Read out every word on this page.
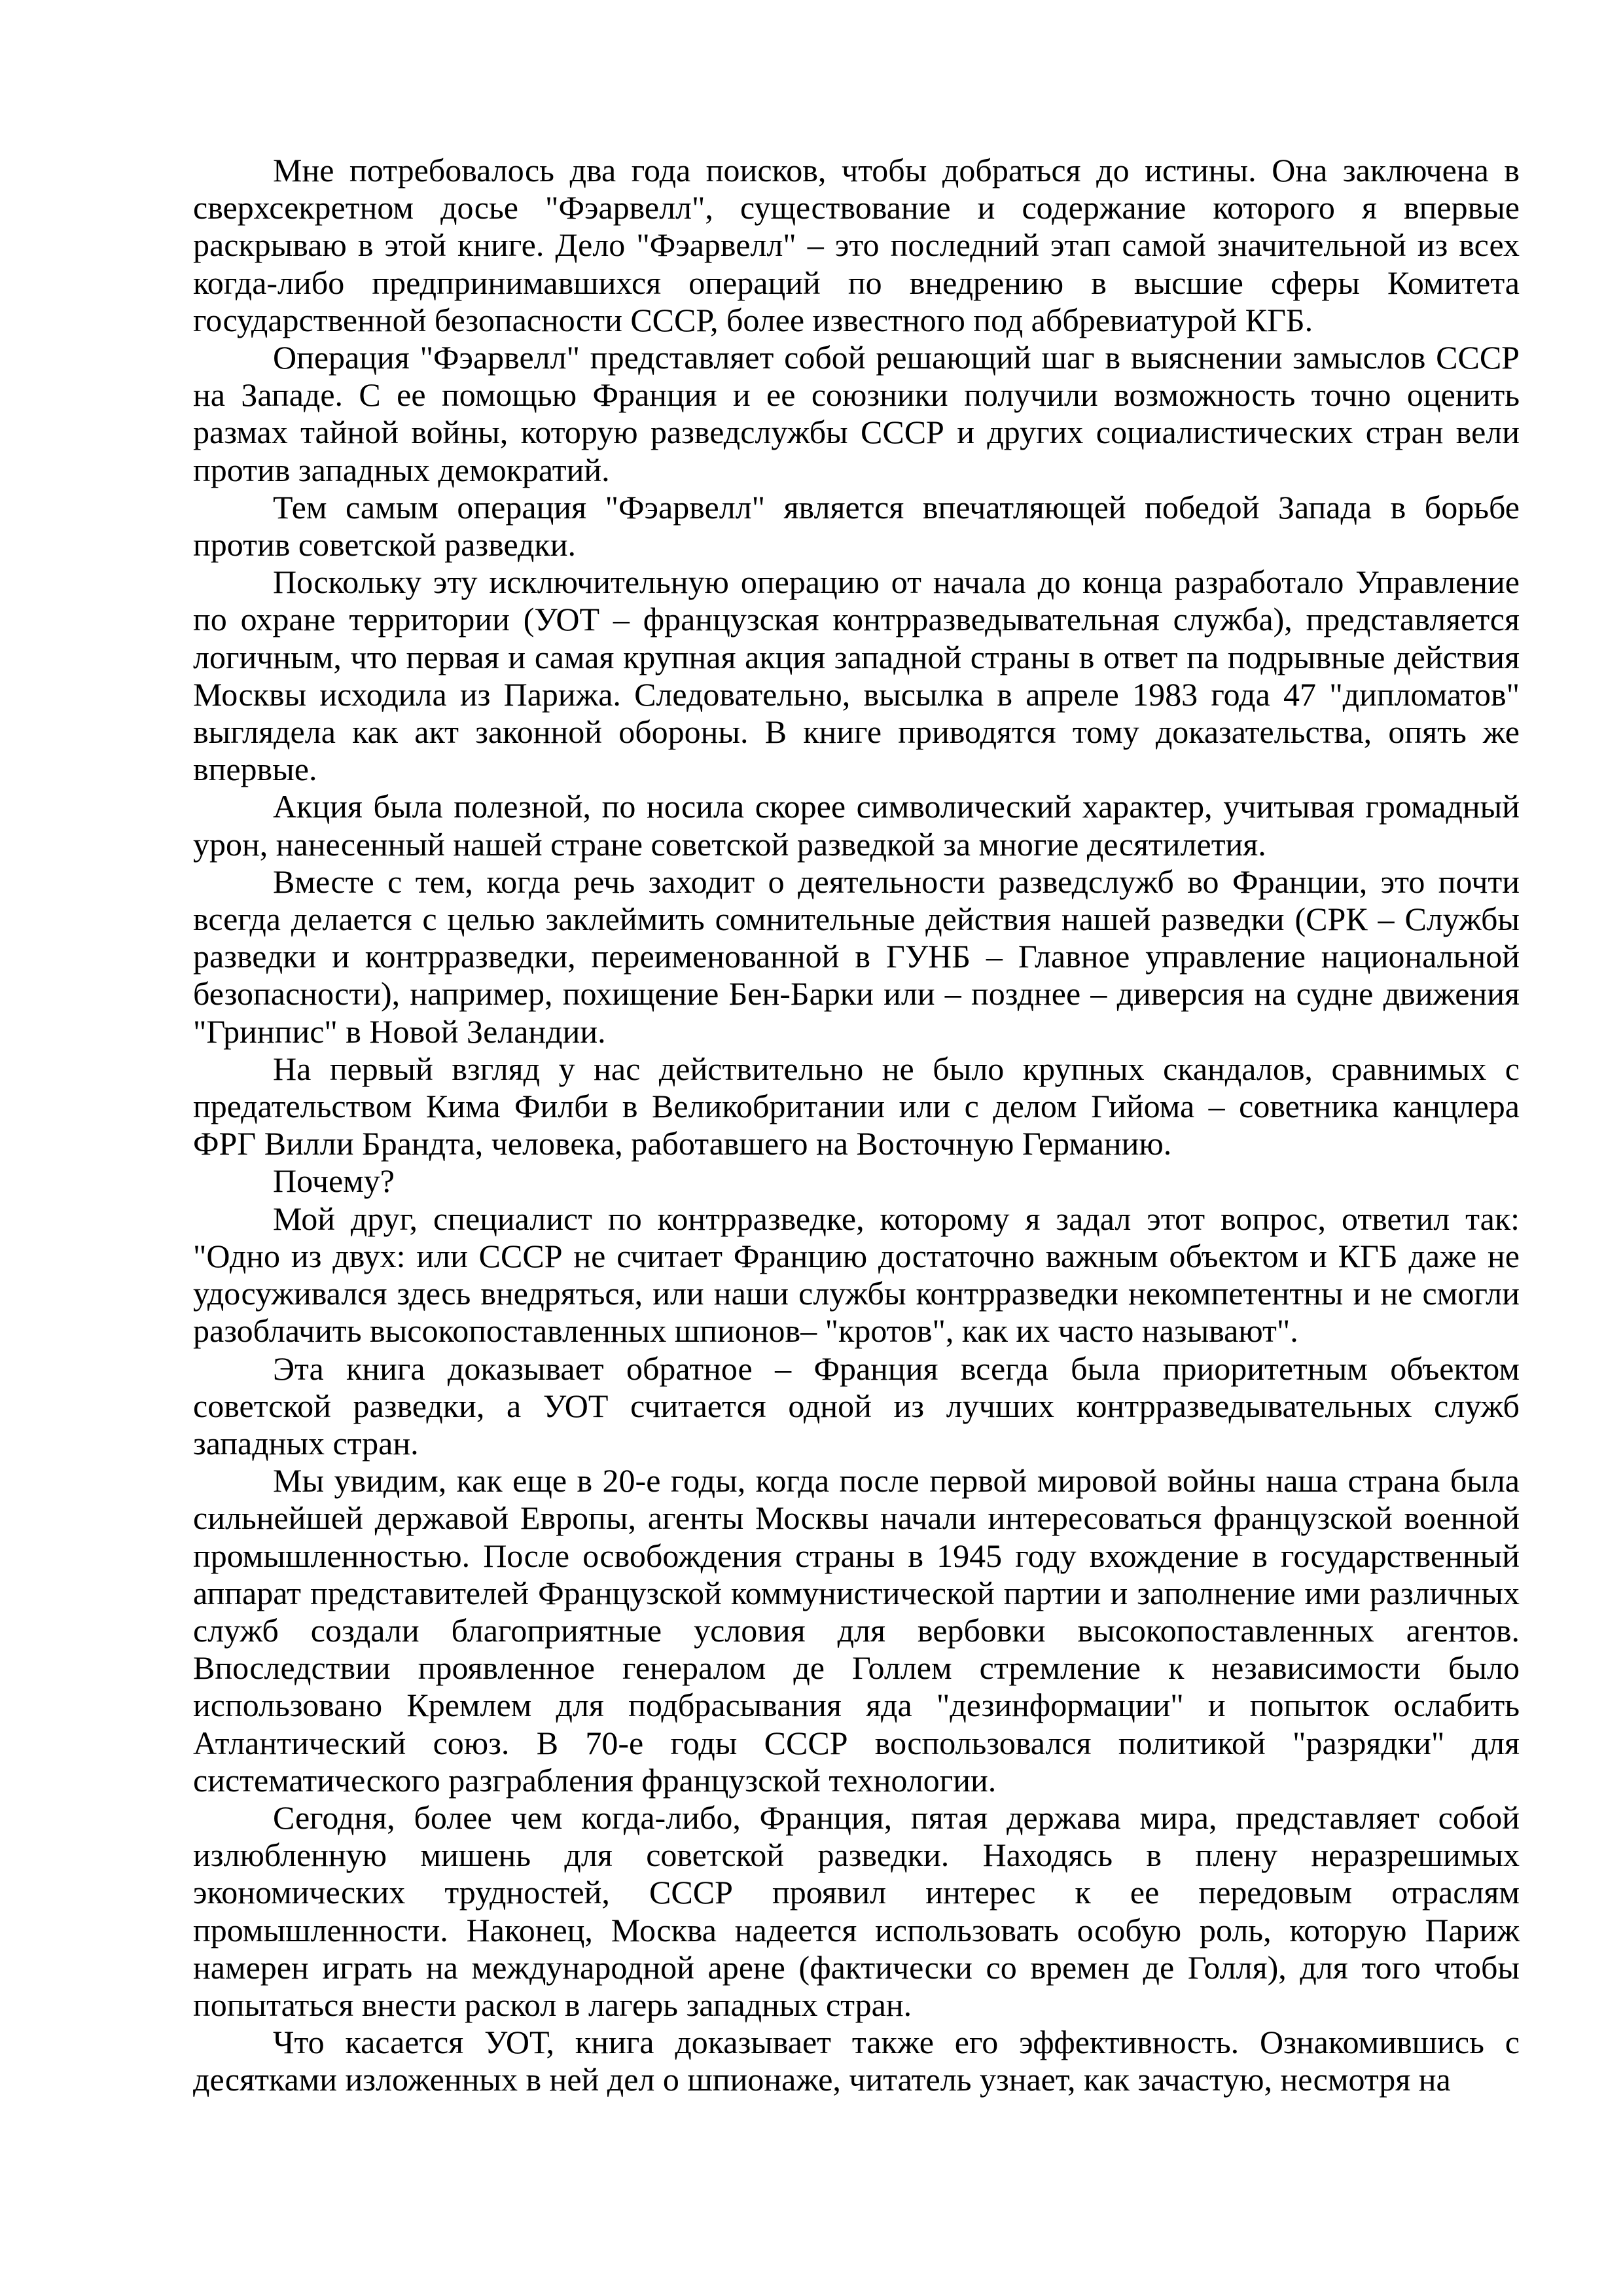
Мне потребовалось два года поисков, чтобы добраться до истины. Она заключена в сверхсекретном досье "Фэарвелл", существование и содержание которого я впервые раскрываю в этой книге. Дело "Фэарвелл" – это последний этап самой значительной из всех когда-либо предпринимавшихся операций по внедрению в высшие сферы Комитета государственной безопасности СССР, более известного под аббревиатурой КГБ.

Операция "Фэарвелл" представляет собой решающий шаг в выяснении замыслов СССР на Западе. С ее помощью Франция и ее союзники получили возможность точно оценить размах тайной войны, которую разведслужбы СССР и других социалистических стран вели против западных демократий.

Тем самым операция "Фэарвелл" является впечатляющей победой Запада в борьбе против советской разведки.

Поскольку эту исключительную операцию от начала до конца разработало Управление по охране территории (УОТ – французская контрразведывательная служба), представляется логичным, что первая и самая крупная акция западной страны в ответ па подрывные действия Москвы исходила из Парижа. Следовательно, высылка в апреле 1983 года 47 "дипломатов" выглядела как акт законной обороны. В книге приводятся тому доказательства, опять же впервые.

Акция была полезной, по носила скорее символический характер, учитывая громадный урон, нанесенный нашей стране советской разведкой за многие десятилетия.

Вместе с тем, когда речь заходит о деятельности разведслужб во Франции, это почти всегда делается с целью заклеймить сомнительные действия нашей разведки (СРК – Службы разведки и контрразведки, переименованной в ГУНБ – Главное управление национальной безопасности), например, похищение Бен-Барки или – позднее – диверсия на судне движения "Гринпис" в Новой Зеландии.

На первый взгляд у нас действительно не было крупных скандалов, сравнимых с предательством Кима Филби в Великобритании или с делом Гийома – советника канцлера ФРГ Вилли Брандта, человека, работавшего на Восточную Германию.

Почему?

Мой друг, специалист по контрразведке, которому я задал этот вопрос, ответил так: "Одно из двух: или СССР не считает Францию достаточно важным объектом и КГБ даже не удосуживался здесь внедряться, или наши службы контрразведки некомпетентны и не смогли разоблачить высокопоставленных шпионов– "кротов", как их часто называют".

Эта книга доказывает обратное – Франция всегда была приоритетным объектом советской разведки, а УОТ считается одной из лучших контрразведывательных служб западных стран.

Мы увидим, как еще в 20-е годы, когда после первой мировой войны наша страна была сильнейшей державой Европы, агенты Москвы начали интересоваться французской военной промышленностью. После освобождения страны в 1945 году вхождение в государственный аппарат представителей Французской коммунистической партии и заполнение ими различных служб создали благоприятные условия для вербовки высокопоставленных агентов. Впоследствии проявленное генералом де Голлем стремление к независимости было использовано Кремлем для подбрасывания яда "дезинформации" и попыток ослабить Атлантический союз. В 70-е годы СССР воспользовался политикой "разрядки" для систематического разграбления французской технологии.

Сегодня, более чем когда-либо, Франция, пятая держава мира, представляет собой излюбленную мишень для советской разведки. Находясь в плену неразрешимых экономических трудностей, СССР проявил интерес к ее передовым отраслям промышленности. Наконец, Москва надеется использовать особую роль, которую Париж намерен играть на международной арене (фактически со времен де Голля), для того чтобы попытаться внести раскол в лагерь западных стран.

Что касается УОТ, книга доказывает также его эффективность. Ознакомившись с десятками изложенных в ней дел о шпионаже, читатель узнает, как зачастую, несмотря на
